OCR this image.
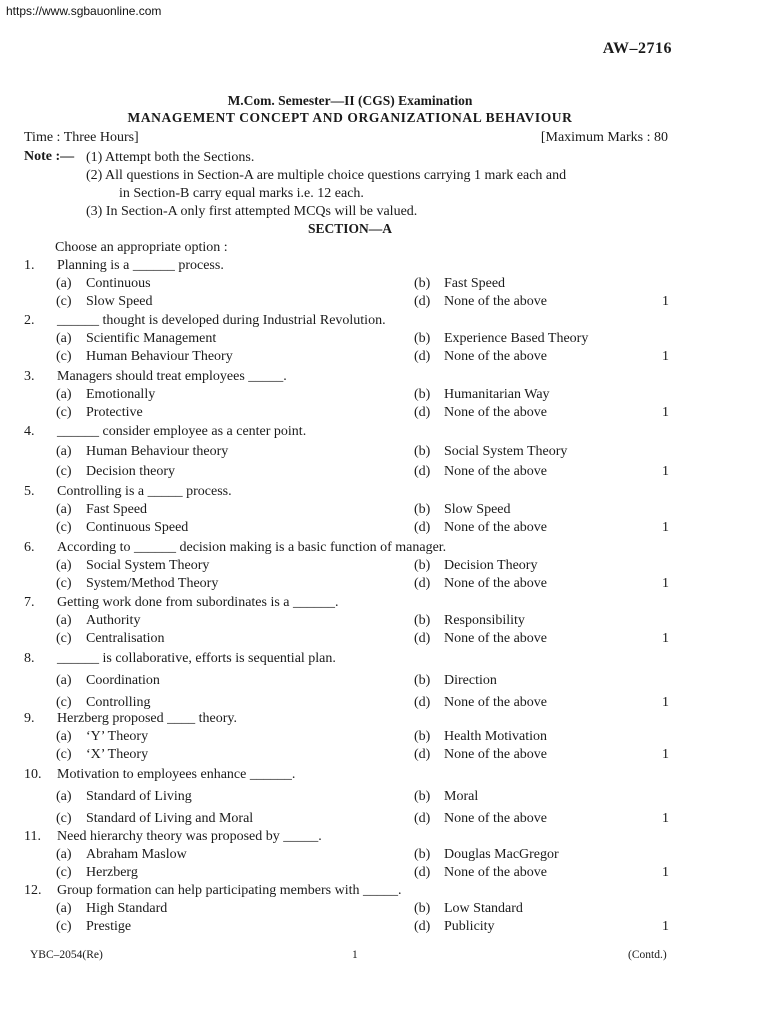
https://www.sgbauonline.com
AW–2716
M.Com. Semester—II (CGS) Examination
MANAGEMENT CONCEPT AND ORGANIZATIONAL BEHAVIOUR
Time : Three Hours]	[Maximum Marks : 80
Note :— (1) Attempt both the Sections.
(2) All questions in Section-A are multiple choice questions carrying 1 mark each and
in Section-B carry equal marks i.e. 12 each.
(3) In Section-A only first attempted MCQs will be valued.
SECTION—A
Choose an appropriate option :
1. Planning is a ______ process.
(a) Continuous	(b) Fast Speed
(c) Slow Speed	(d) None of the above	1
2. ______ thought is developed during Industrial Revolution.
(a) Scientific Management	(b) Experience Based Theory
(c) Human Behaviour Theory	(d) None of the above	1
3. Managers should treat employees _____.
(a) Emotionally	(b) Humanitarian Way
(c) Protective	(d) None of the above	1
4. ______ consider employee as a center point.
(a) Human Behaviour theory	(b) Social System Theory
(c) Decision theory	(d) None of the above	1
5. Controlling is a _____ process.
(a) Fast Speed	(b) Slow Speed
(c) Continuous Speed	(d) None of the above	1
6. According to ______ decision making is a basic function of manager.
(a) Social System Theory	(b) Decision Theory
(c) System/Method Theory	(d) None of the above	1
7. Getting work done from subordinates is a ______.
(a) Authority	(b) Responsibility
(c) Centralisation	(d) None of the above	1
8. ______ is collaborative, efforts is sequential plan.
(a) Coordination	(b) Direction
(c) Controlling	(d) None of the above	1
9. Herzberg proposed ____ theory.
(a) ‘Y’ Theory	(b) Health Motivation
(c) ‘X’ Theory	(d) None of the above	1
10. Motivation to employees enhance ______.
(a) Standard of Living	(b) Moral
(c) Standard of Living and Moral	(d) None of the above	1
11. Need hierarchy theory was proposed by _____.
(a) Abraham Maslow	(b) Douglas MacGregor
(c) Herzberg	(d) None of the above	1
12. Group formation can help participating members with _____.
(a) High Standard	(b) Low Standard
(c) Prestige	(d) Publicity	1
YBC–2054(Re)	1	(Contd.)
